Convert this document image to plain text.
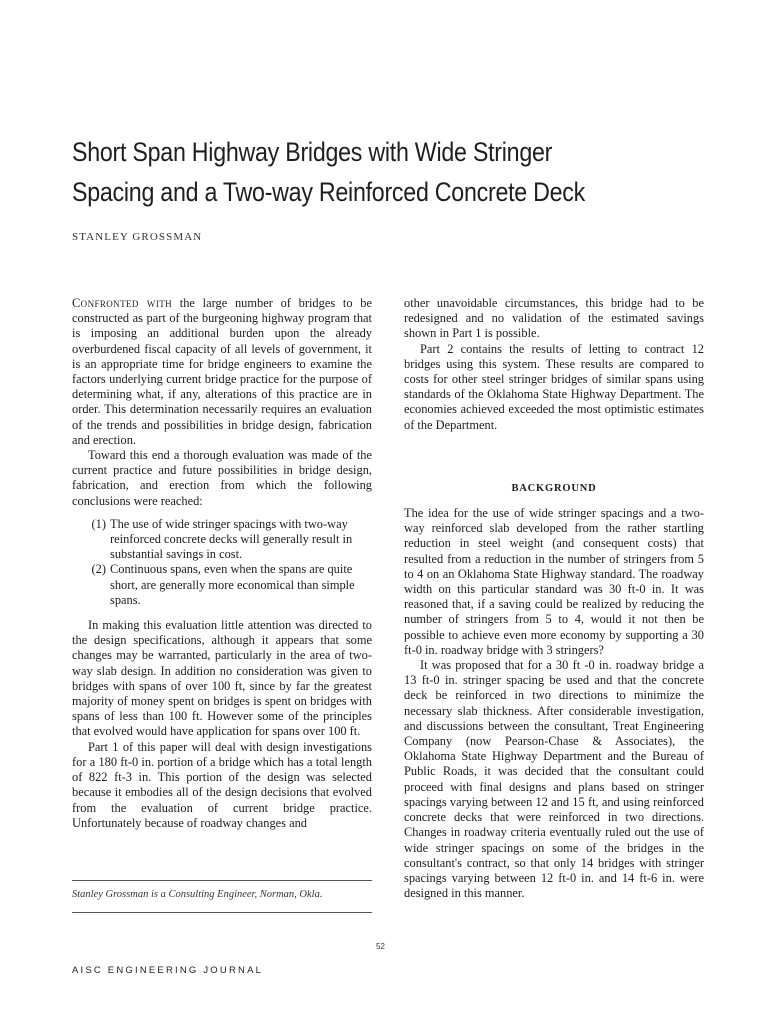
Short Span Highway Bridges with Wide Stringer
Spacing and a Two-way Reinforced Concrete Deck
STANLEY GROSSMAN

Confronted with the large number of bridges to be constructed as part of the burgeoning highway program that is imposing an additional burden upon the already overburdened fiscal capacity of all levels of government, it is an appropriate time for bridge engineers to examine the factors underlying current bridge practice for the purpose of determining what, if any, alterations of this practice are in order. This determination necessarily requires an evaluation of the trends and possibilities in bridge design, fabrication and erection.

Toward this end a thorough evaluation was made of the current practice and future possibilities in bridge design, fabrication, and erection from which the following conclusions were reached:

(1) The use of wide stringer spacings with two-way reinforced concrete decks will generally result in substantial savings in cost.
(2) Continuous spans, even when the spans are quite short, are generally more economical than simple spans.

In making this evaluation little attention was directed to the design specifications, although it appears that some changes may be warranted, particularly in the area of two-way slab design. In addition no consideration was given to bridges with spans of over 100 ft, since by far the greatest majority of money spent on bridges is spent on bridges with spans of less than 100 ft. However some of the principles that evolved would have application for spans over 100 ft.

Part 1 of this paper will deal with design investigations for a 180 ft-0 in. portion of a bridge which has a total length of 822 ft-3 in. This portion of the design was selected because it embodies all of the design decisions that evolved from the evaluation of current bridge practice. Unfortunately because of roadway changes and

other unavoidable circumstances, this bridge had to be redesigned and no validation of the estimated savings shown in Part 1 is possible.

Part 2 contains the results of letting to contract 12 bridges using this system. These results are compared to costs for other steel stringer bridges of similar spans using standards of the Oklahoma State Highway Department. The economies achieved exceeded the most optimistic estimates of the Department.

BACKGROUND

The idea for the use of wide stringer spacings and a two-way reinforced slab developed from the rather startling reduction in steel weight (and consequent costs) that resulted from a reduction in the number of stringers from 5 to 4 on an Oklahoma State Highway standard. The roadway width on this particular standard was 30 ft-0 in. It was reasoned that, if a saving could be realized by reducing the number of stringers from 5 to 4, would it not then be possible to achieve even more economy by supporting a 30 ft-0 in. roadway bridge with 3 stringers?

It was proposed that for a 30 ft -0 in. roadway bridge a 13 ft-0 in. stringer spacing be used and that the concrete deck be reinforced in two directions to minimize the necessary slab thickness. After considerable investigation, and discussions between the consultant, Treat Engineering Company (now Pearson-Chase & Associates), the Oklahoma State Highway Department and the Bureau of Public Roads, it was decided that the consultant could proceed with final designs and plans based on stringer spacings varying between 12 and 15 ft, and using reinforced concrete decks that were reinforced in two directions. Changes in roadway criteria eventually ruled out the use of wide stringer spacings on some of the bridges in the consultant's contract, so that only 14 bridges with stringer spacings varying between 12 ft-0 in. and 14 ft-6 in. were designed in this manner.

Stanley Grossman is a Consulting Engineer, Norman, Okla.
52
AISC ENGINEERING JOURNAL
